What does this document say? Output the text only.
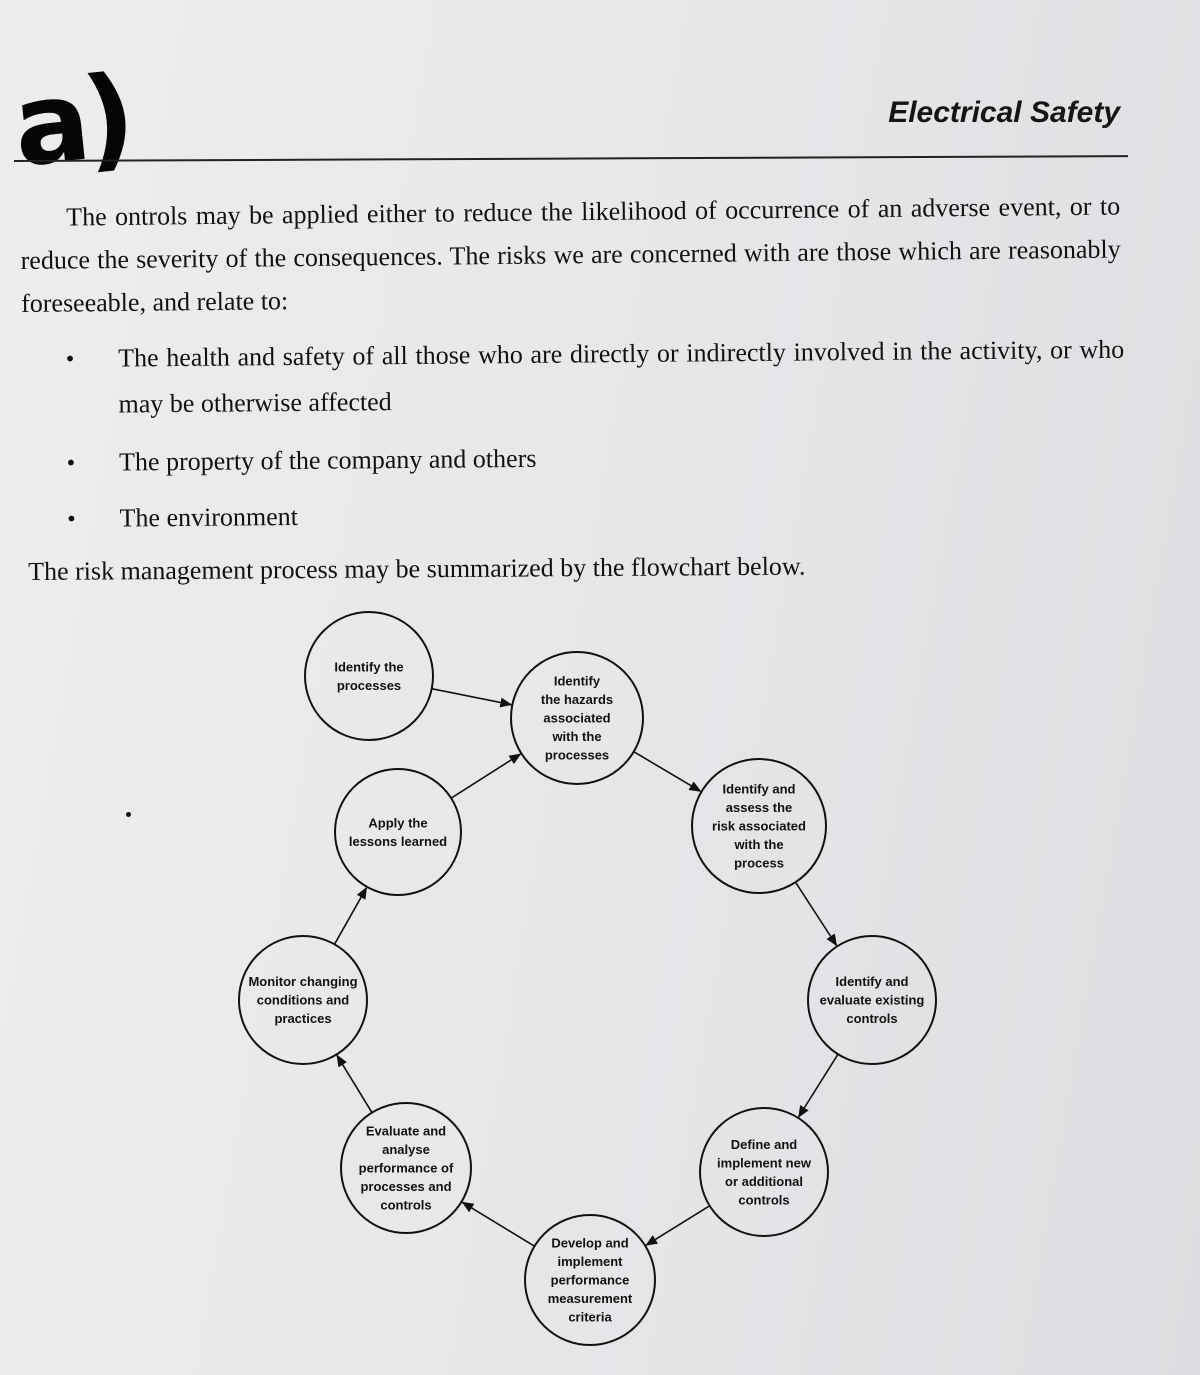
a)	Electrical Safety
The ontrols may be applied either to reduce the likelihood of occurrence of an adverse event, or to reduce the severity of the consequences. The risks we are concerned with are those which are reasonably foreseeable, and relate to:
• The health and safety of all those who are directly or indirectly involved in the activity, or who may be otherwise affected
• The property of the company and others
• The environment
The risk management process may be summarized by the flowchart below.
Identify the
processes	Identify
the hazards
associated
with the
processes
Identify and
assess the
risk associated
with the
process
Identify and
evaluate existing
controls
Define and
implement new
or additional
controls
Develop and
implement
performance
measurement
criteria
Evaluate and
analyse
performance of
processes and
controls
Monitor changing
conditions and
practices
Apply the
lessons learned
